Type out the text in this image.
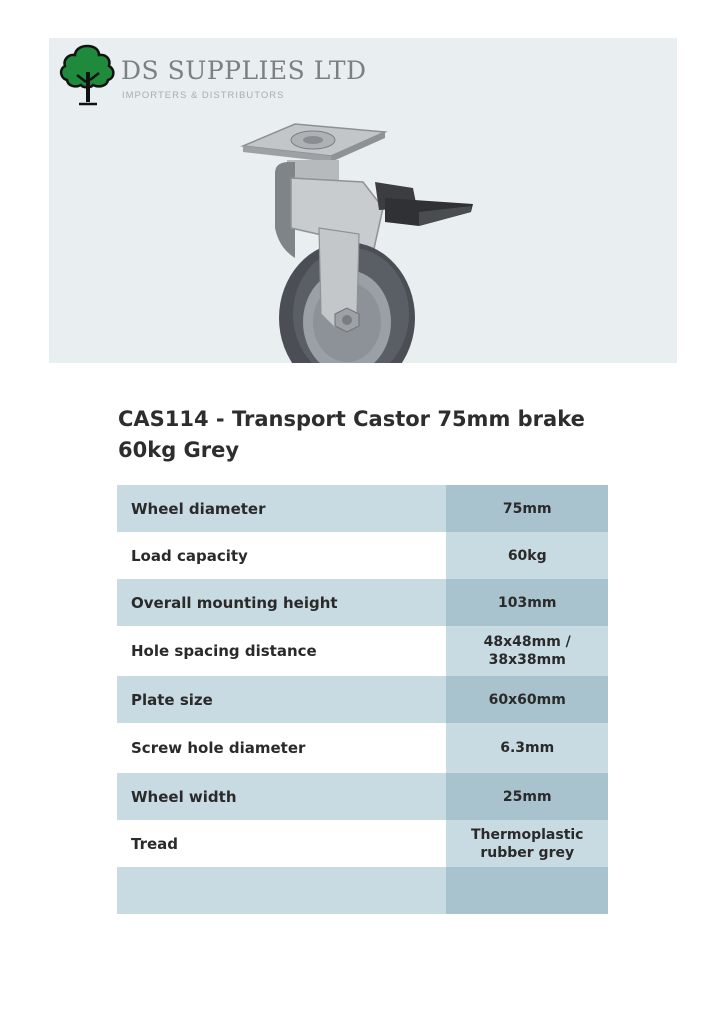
DS SUPPLIES LTD
IMPORTERS & DISTRIBUTORS
CAS114 - Transport Castor 75mm brake 60kg Grey
Wheel diameter	75mm
Load capacity	60kg
Overall mounting height	103mm
Hole spacing distance	48x48mm / 38x38mm
Plate size	60x60mm
Screw hole diameter	6.3mm
Wheel width	25mm
Tread	Thermoplastic rubber grey
